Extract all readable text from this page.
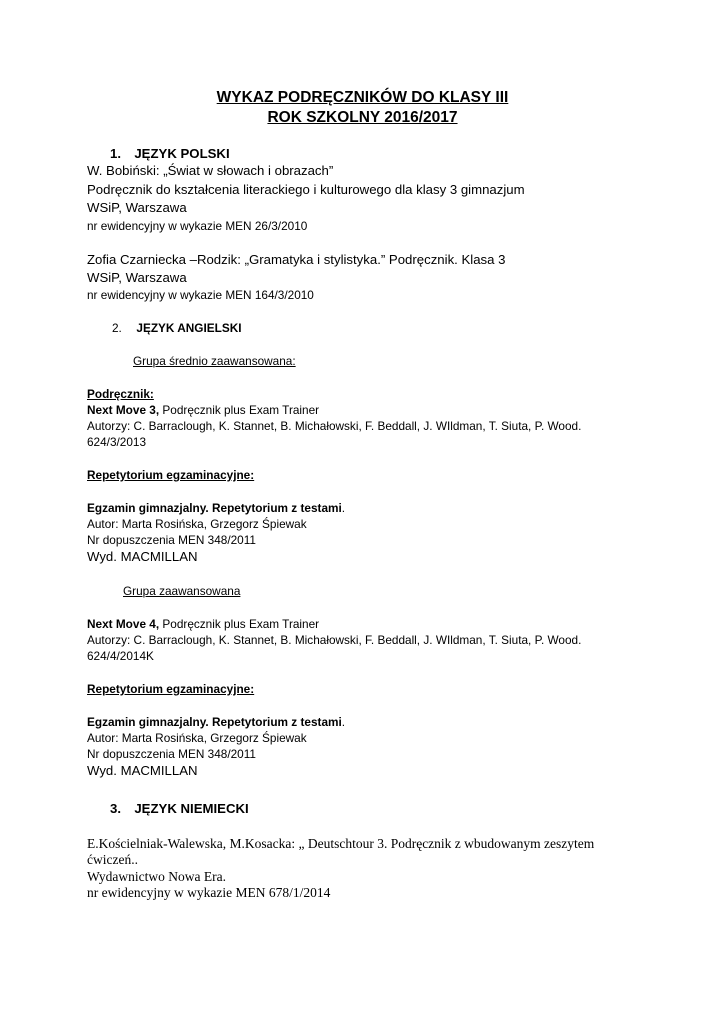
WYKAZ PODRĘCZNIKÓW DO KLASY III
ROK SZKOLNY 2016/2017
1. JĘZYK POLSKI
W. Bobiński: „Świat w słowach i obrazach”
Podręcznik do kształcenia literackiego i kulturowego dla klasy 3 gimnazjum
WSiP, Warszawa
nr ewidencyjny w wykazie MEN 26/3/2010
Zofia Czarniecka –Rodzik: „Gramatyka i stylistyka.” Podręcznik. Klasa 3
WSiP, Warszawa
nr ewidencyjny w wykazie MEN 164/3/2010
2. JĘZYK ANGIELSKI
Grupa średnio zaawansowana:
Podręcznik:
Next Move 3, Podręcznik plus Exam Trainer
Autorzy: C. Barraclough, K. Stannet, B. Michałowski, F. Beddall, J. WIldman, T. Siuta, P. Wood.
624/3/2013
Repetytorium egzaminacyjne:
Egzamin gimnazjalny. Repetytorium z testami.
Autor: Marta Rosińska, Grzegorz Śpiewak
Nr dopuszczenia MEN 348/2011
Wyd. MACMILLAN
Grupa zaawansowana
Next Move 4, Podręcznik plus Exam Trainer
Autorzy: C. Barraclough, K. Stannet, B. Michałowski, F. Beddall, J. WIldman, T. Siuta, P. Wood.
624/4/2014K
Repetytorium egzaminacyjne:
Egzamin gimnazjalny. Repetytorium z testami.
Autor: Marta Rosińska, Grzegorz Śpiewak
Nr dopuszczenia MEN 348/2011
Wyd. MACMILLAN
3. JĘZYK NIEMIECKI
E.Kościelniak-Walewska, M.Kosacka: „ Deutschtour 3. Podręcznik z wbudowanym zeszytem
ćwiczeń..
Wydawnictwo Nowa Era.
nr ewidencyjny w wykazie MEN 678/1/2014
